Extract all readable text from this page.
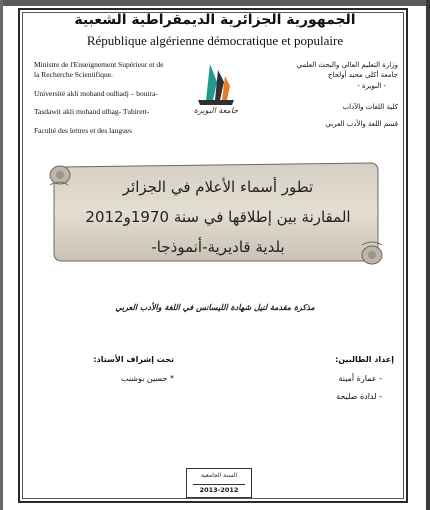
الجمهورية الجزائرية الديمقراطية الشعبية
République algérienne démocratique et populaire
Ministre de l'Enseignement Supérieur et de
la Recherche Scientifique.
Université akli mohand oulhadj – bouira-
Tasdawit akli mohand ulhag- Tubirett-
Faculté des lettres et des langues
وزارة التعليم العالي والبحث العلمي
جامعة أكلي محند أولحاج
- البويرة -
كلية اللغات والآداب
قسم اللغة والأدب العربي
جامعة البويرة
تطور أسماء الأعلام في الجزائر
المقارنة بين إطلاقها في سنة 1970و2012
بلدية قاديرية-أنموذجا-
مذكرة مقدمة لنيل شهادة الليسانس في اللغة والأدب العربي
إعداد الطالبين:
- عمارة أمينة
- لدادة صليحة
تحت إشراف الأستاذ:
* حسين بوشنب
السنة الجامعية
2013-2012
